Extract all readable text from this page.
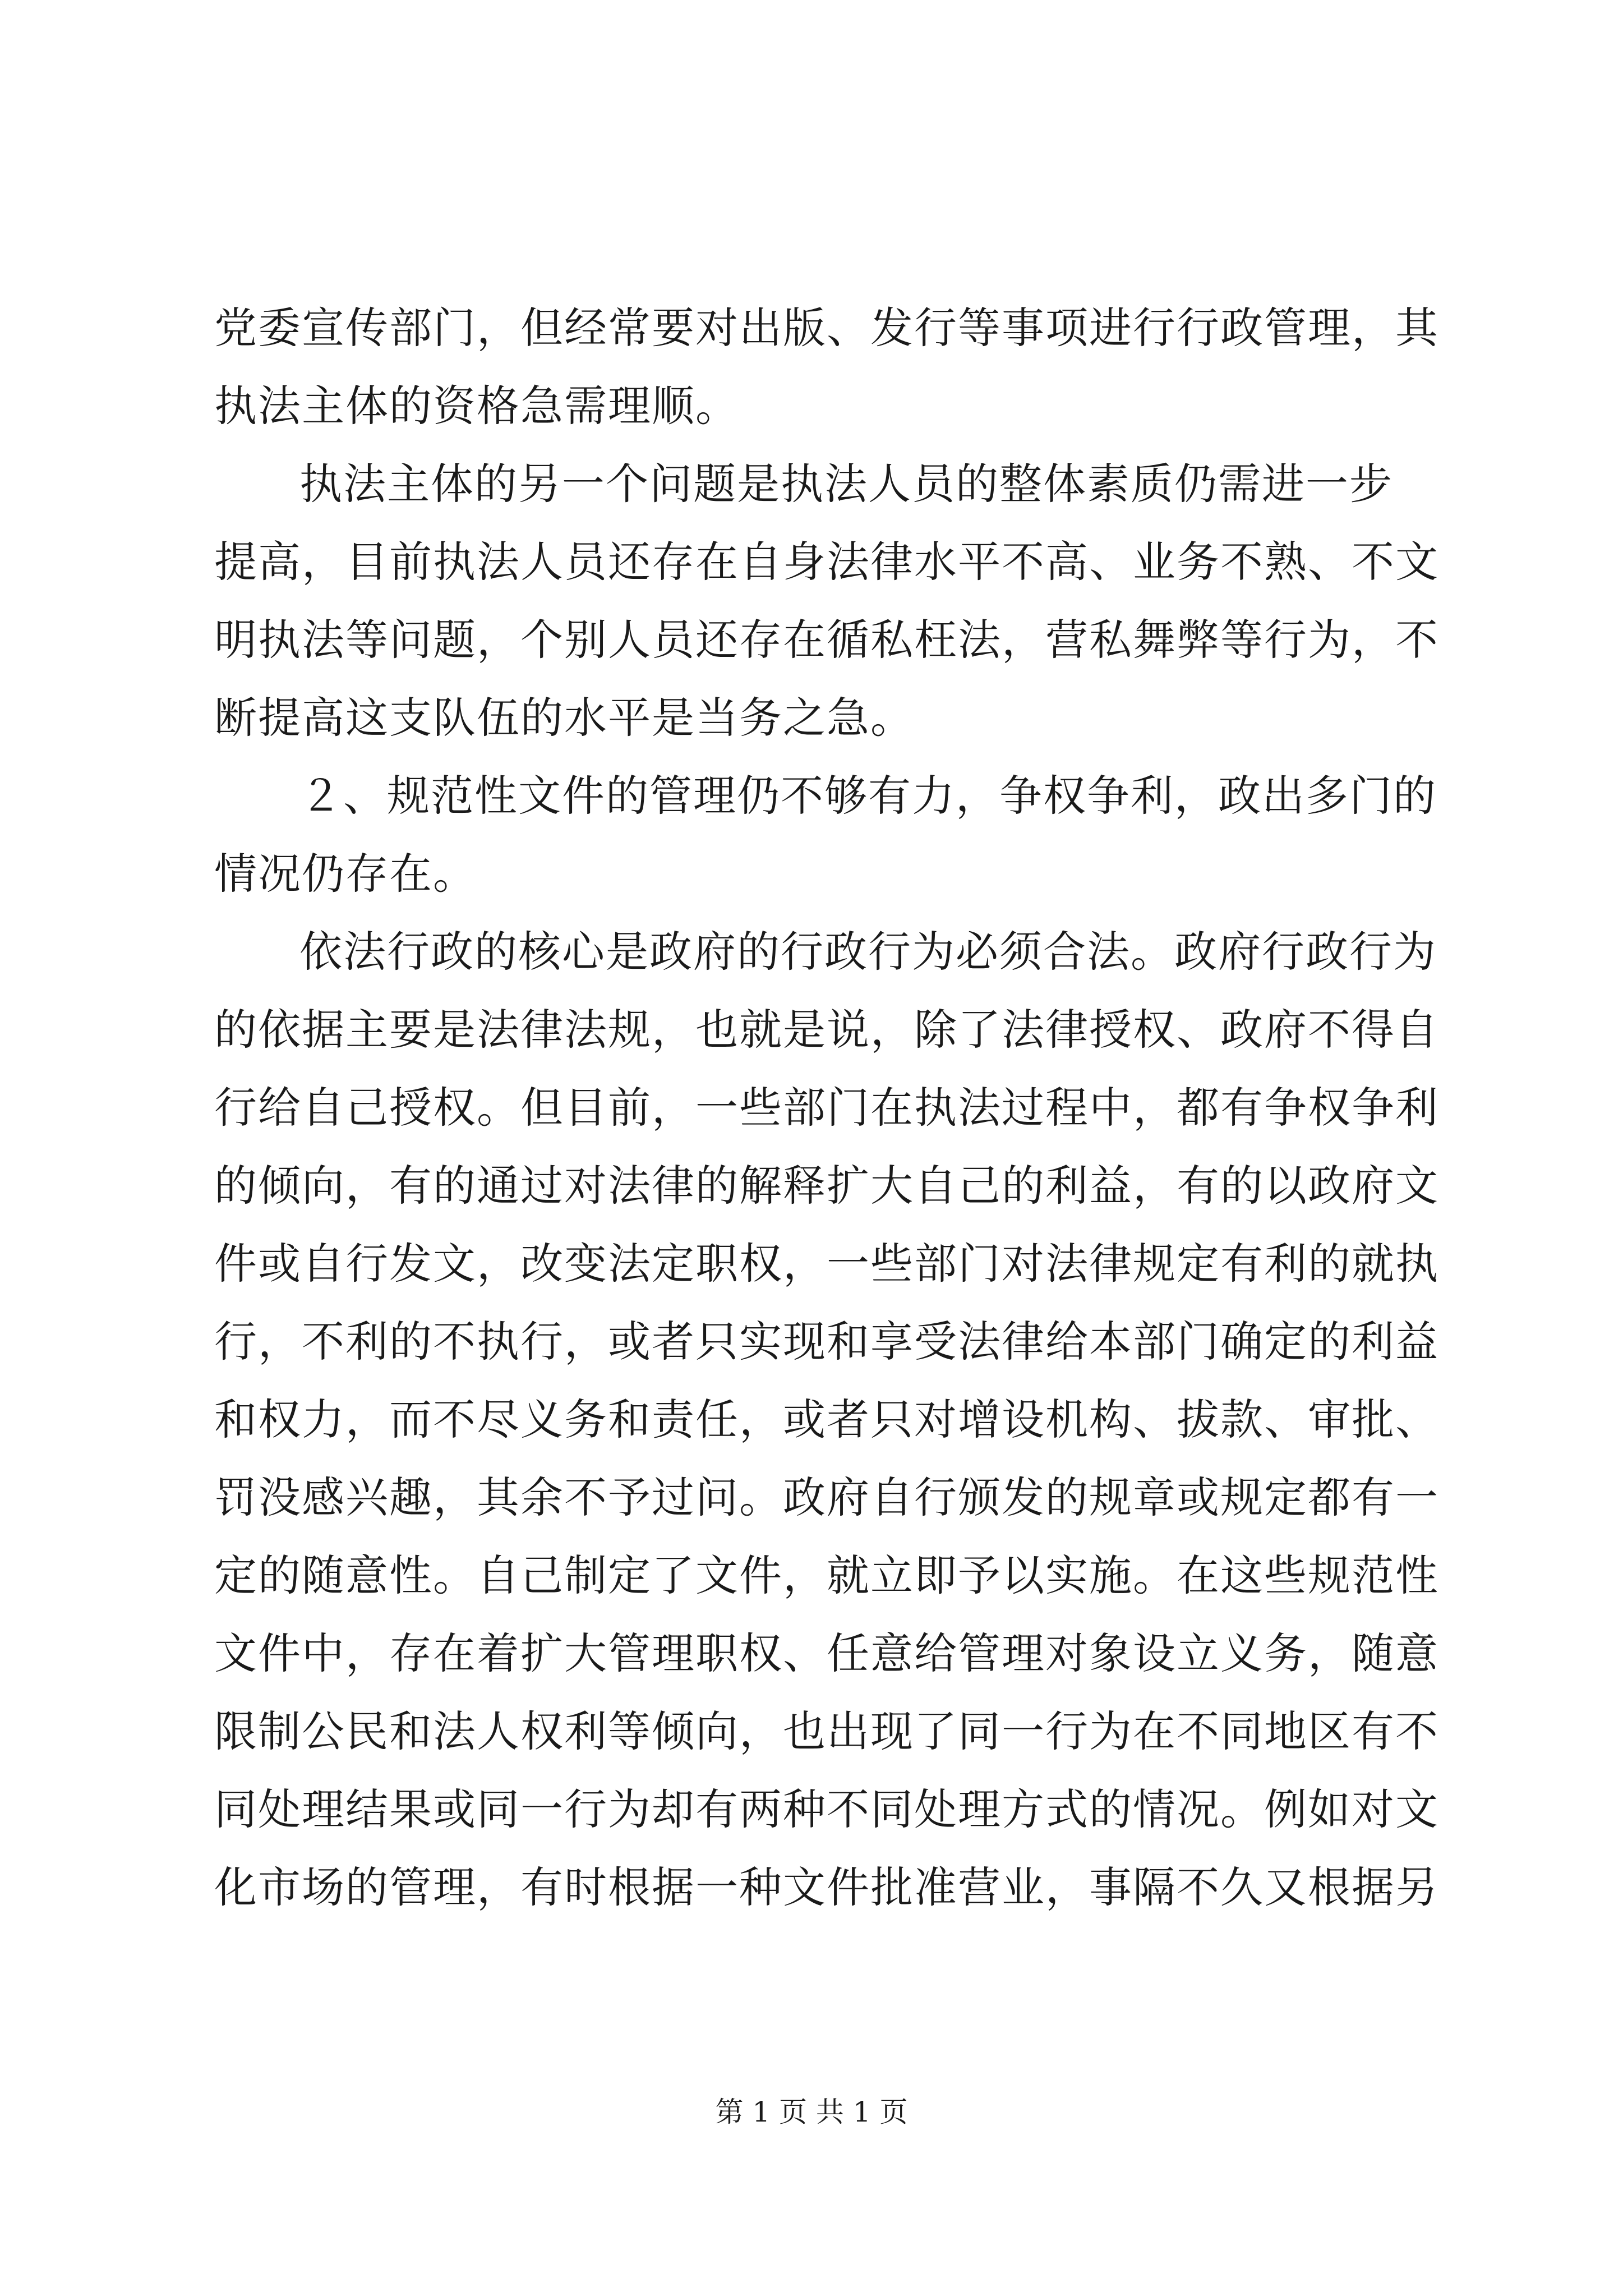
党委宣传部门，但经常要对出版、发行等事项进行行政管理，其
执法主体的资格急需理顺。
执法主体的另一个问题是执法人员的整体素质仍需进一步
提高，目前执法人员还存在自身法律水平不高、业务不熟、不文
明执法等问题，个别人员还存在循私枉法，营私舞弊等行为，不
断提高这支队伍的水平是当务之急。
２、规范性文件的管理仍不够有力，争权争利，政出多门的
情况仍存在。
依法行政的核心是政府的行政行为必须合法。政府行政行为
的依据主要是法律法规，也就是说，除了法律授权、政府不得自
行给自己授权。但目前，一些部门在执法过程中，都有争权争利
的倾向，有的通过对法律的解释扩大自己的利益，有的以政府文
件或自行发文，改变法定职权，一些部门对法律规定有利的就执
行，不利的不执行，或者只实现和享受法律给本部门确定的利益
和权力，而不尽义务和责任，或者只对增设机构、拔款、审批、
罚没感兴趣，其余不予过问。政府自行颁发的规章或规定都有一
定的随意性。自己制定了文件，就立即予以实施。在这些规范性
文件中，存在着扩大管理职权、任意给管理对象设立义务，随意
限制公民和法人权利等倾向，也出现了同一行为在不同地区有不
同处理结果或同一行为却有两种不同处理方式的情况。例如对文
化市场的管理，有时根据一种文件批准营业，事隔不久又根据另
第 1 页 共 1 页
